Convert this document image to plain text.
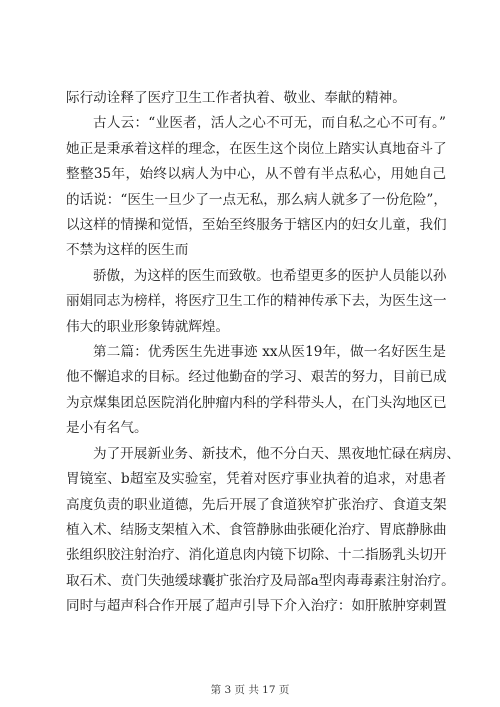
际行动诠释了医疗卫生工作者执着、敬业、奉献的精神。
古人云：“业医者，活人之心不可无，而自私之心不可有。”
她正是秉承着这样的理念，在医生这个岗位上踏实认真地奋斗了
整整35年，始终以病人为中心，从不曾有半点私心，用她自己
的话说：“医生一旦少了一点无私，那么病人就多了一份危险”，
以这样的情操和觉悟，至始至终服务于辖区内的妇女儿童，我们
不禁为这样的医生而
骄傲，为这样的医生而致敬。也希望更多的医护人员能以孙
丽娟同志为榜样，将医疗卫生工作的精神传承下去，为医生这一
伟大的职业形象铸就辉煌。
第二篇：优秀医生先进事迹 xx从医19年，做一名好医生是
他不懈追求的目标。经过他勤奋的学习、艰苦的努力，目前已成
为京煤集团总医院消化肿瘤内科的学科带头人，在门头沟地区已
是小有名气。
为了开展新业务、新技术，他不分白天、黑夜地忙碌在病房、
胃镜室、b超室及实验室，凭着对医疗事业执着的追求，对患者
高度负责的职业道德，先后开展了食道狭窄扩张治疗、食道支架
植入术、结肠支架植入术、食管静脉曲张硬化治疗、胃底静脉曲
张组织胶注射治疗、消化道息肉内镜下切除、十二指肠乳头切开
取石术、贲门失弛缓球囊扩张治疗及局部a型肉毒毒素注射治疗。
同时与超声科合作开展了超声引导下介入治疗：如肝脓肿穿刺置
第 3 页 共 17 页
